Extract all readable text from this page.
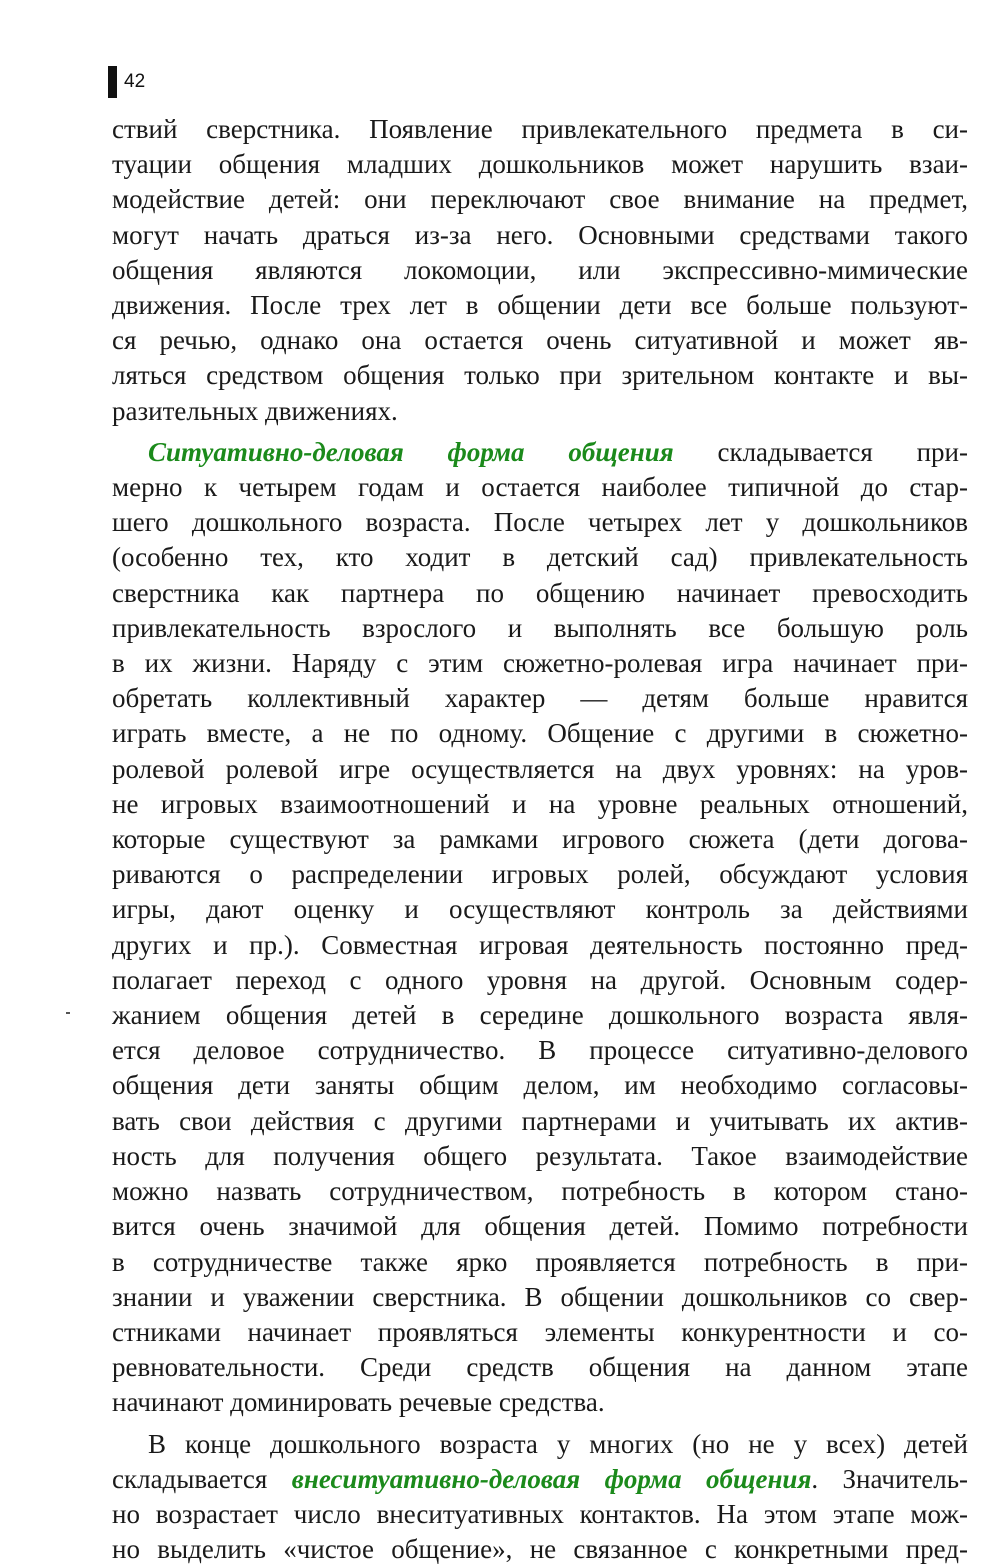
42
ствий сверстника. Появление привлекательного предмета в си-
туации общения младших дошкольников может нарушить взаи-
модействие детей: они переключают свое внимание на предмет,
могут начать драться из-за него. Основными средствами такого
общения являются локомоции, или экспрессивно-мимические
движения. После трех лет в общении дети все больше пользуют-
ся речью, однако она остается очень ситуативной и может яв-
ляться средством общения только при зрительном контакте и вы-
разительных движениях.
Ситуативно-деловая форма общения складывается при-
мерно к четырем годам и остается наиболее типичной до стар-
шего дошкольного возраста. После четырех лет у дошкольников
(особенно тех, кто ходит в детский сад) привлекательность
сверстника как партнера по общению начинает превосходить
привлекательность взрослого и выполнять все большую роль
в их жизни. Наряду с этим сюжетно-ролевая игра начинает при-
обретать коллективный характер — детям больше нравится
играть вместе, а не по одному. Общение с другими в сюжетно-
ролевой ролевой игре осуществляется на двух уровнях: на уров-
не игровых взаимоотношений и на уровне реальных отношений,
которые существуют за рамками игрового сюжета (дети догова-
риваются о распределении игровых ролей, обсуждают условия
игры, дают оценку и осуществляют контроль за действиями
других и пр.). Совместная игровая деятельность постоянно пред-
полагает переход с одного уровня на другой. Основным содер-
жанием общения детей в середине дошкольного возраста явля-
ется деловое сотрудничество. В процессе ситуативно-делового
общения дети заняты общим делом, им необходимо согласовы-
вать свои действия с другими партнерами и учитывать их актив-
ность для получения общего результата. Такое взаимодействие
можно назвать сотрудничеством, потребность в котором стано-
вится очень значимой для общения детей. Помимо потребности
в сотрудничестве также ярко проявляется потребность в при-
знании и уважении сверстника. В общении дошкольников со свер-
стниками начинает проявляться элементы конкурентности и со-
ревновательности. Среди средств общения на данном этапе
начинают доминировать речевые средства.
В конце дошкольного возраста у многих (но не у всех) детей
складывается внеситуативно-деловая форма общения. Значитель-
но возрастает число внеситуативных контактов. На этом этапе мож-
но выделить «чистое общение», не связанное с конкретными пред-
